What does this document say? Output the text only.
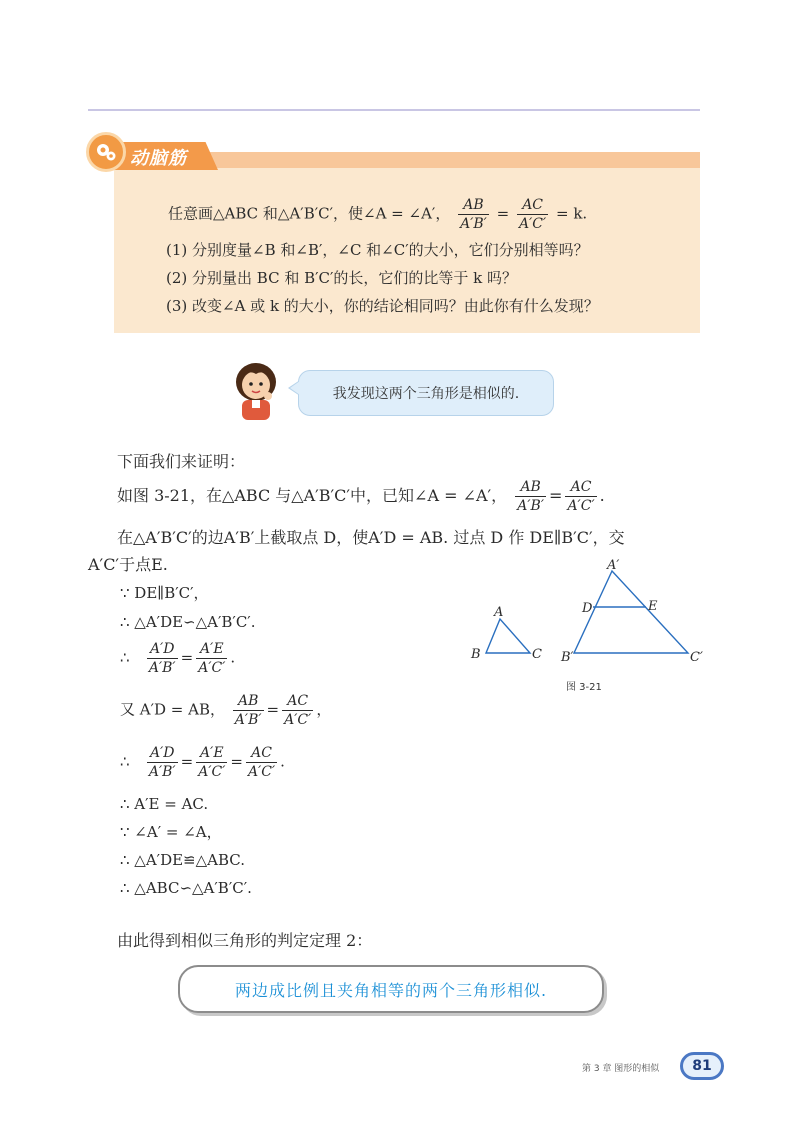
动脑筋
任意画△ABC 和△A′B′C′，使∠A = ∠A′， $\frac{AB}{A'B'} = \frac{AC}{A'C'} = k$.
(1) 分别度量∠B 和∠B′，∠C 和∠C′的大小，它们分别相等吗？
(2) 分别量出 BC 和 B′C′的长，它们的比等于 k 吗？
(3) 改变∠A 或 k 的大小，你的结论相同吗？由此你有什么发现？
我发现这两个三角形是相似的.
下面我们来证明：
如图 3-21，在△ABC 与△A′B′C′中，已知∠A = ∠A′， $\frac{AB}{A'B'} = \frac{AC}{A'C'}$ .
在△A′B′C′的边A′B′上截取点 D，使A′D = AB. 过点 D 作 DE∥B′C′，交
A′C′于点E.
∵ DE∥B′C′，
∴ △A′DE∽△A′B′C′.
∴ $\frac{A'D}{A'B'} = \frac{A'E}{A'C'}$ .
又 A′D = AB， $\frac{AB}{A'B'} = \frac{AC}{A'C'}$ ，
∴ $\frac{A'D}{A'B'} = \frac{A'E}{A'C'} = \frac{AC}{A'C'}$ .
∴ A′E = AC.
∵ ∠A′ = ∠A，
∴ △A′DE≌△ABC.
∴ △ABC∽△A′B′C′.
由此得到相似三角形的判定定理 2：
A
B	C
A′
B′	C′
D	E
图 3-21
两边成比例且夹角相等的两个三角形相似.
第 3 章 图形的相似 81
